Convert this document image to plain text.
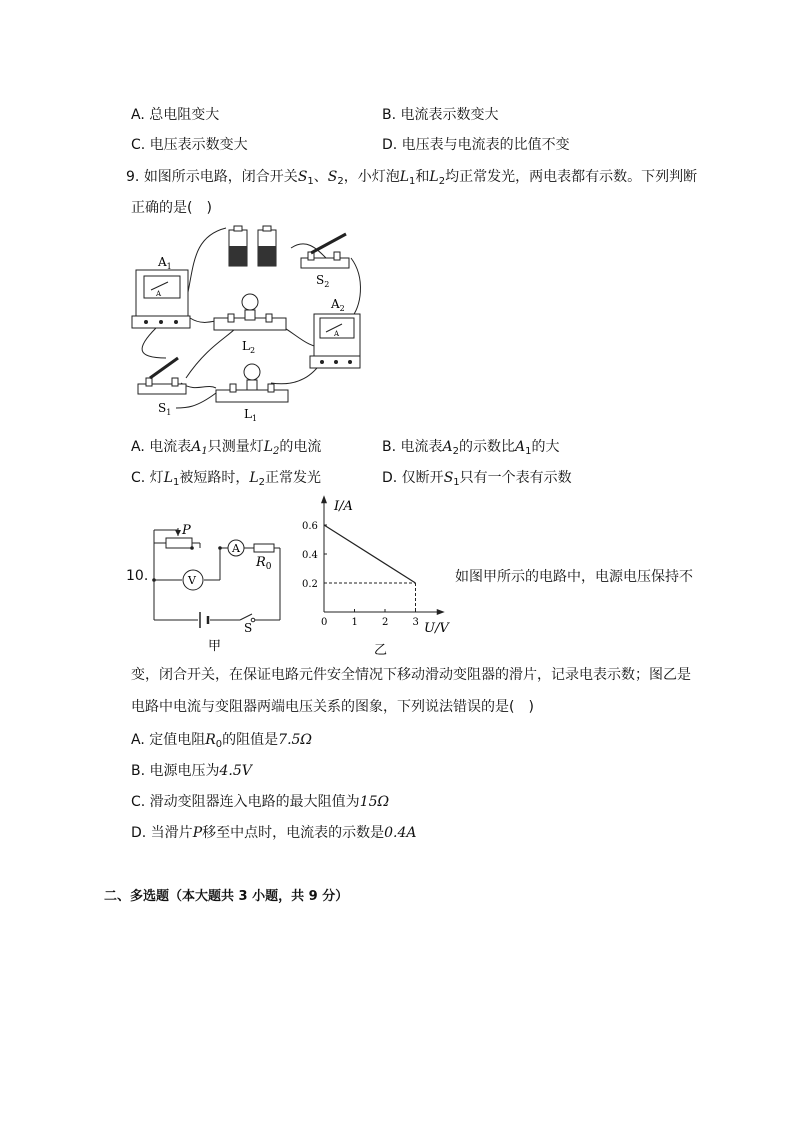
A. 总电阻变大	B. 电流表示数变大
C. 电压表示数变大	D. 电压表与电流表的比值不变
9. 如图所示电路，闭合开关$S_1$、$S_2$，小灯泡$L_1$和$L_2$均正常发光，两电表都有示数。下列判断
正确的是(　)
A
$A_1$
A
$A_2$
$S_2$
$L_2$
$S_1$	$L_1$
A. 电流表$A_1$只测量灯$L_2$的电流	B. 电流表$A_2$的示数比$A_1$的大
C. 灯$L_1$被短路时，$L_2$正常发光	D. 仅断开$S_1$只有一个表有示数
10.
A
V
P
$R_0$
S
甲
0 1 2 3
0.2
0.4
0.6
I/A
U/V
乙
如图甲所示的电路中，电源电压保持不
变，闭合开关，在保证电路元件安全情况下移动滑动变阻器的滑片，记录电表示数；图乙是
电路中电流与变阻器两端电压关系的图象，下列说法错误的是(　)
A. 定值电阻$R_0$的阻值是7.5Ω
B. 电源电压为4.5V
C. 滑动变阻器连入电路的最大阻值为15Ω
D. 当滑片P移至中点时，电流表的示数是0.4A
二、多选题（本大题共 3 小题，共 9 分）
